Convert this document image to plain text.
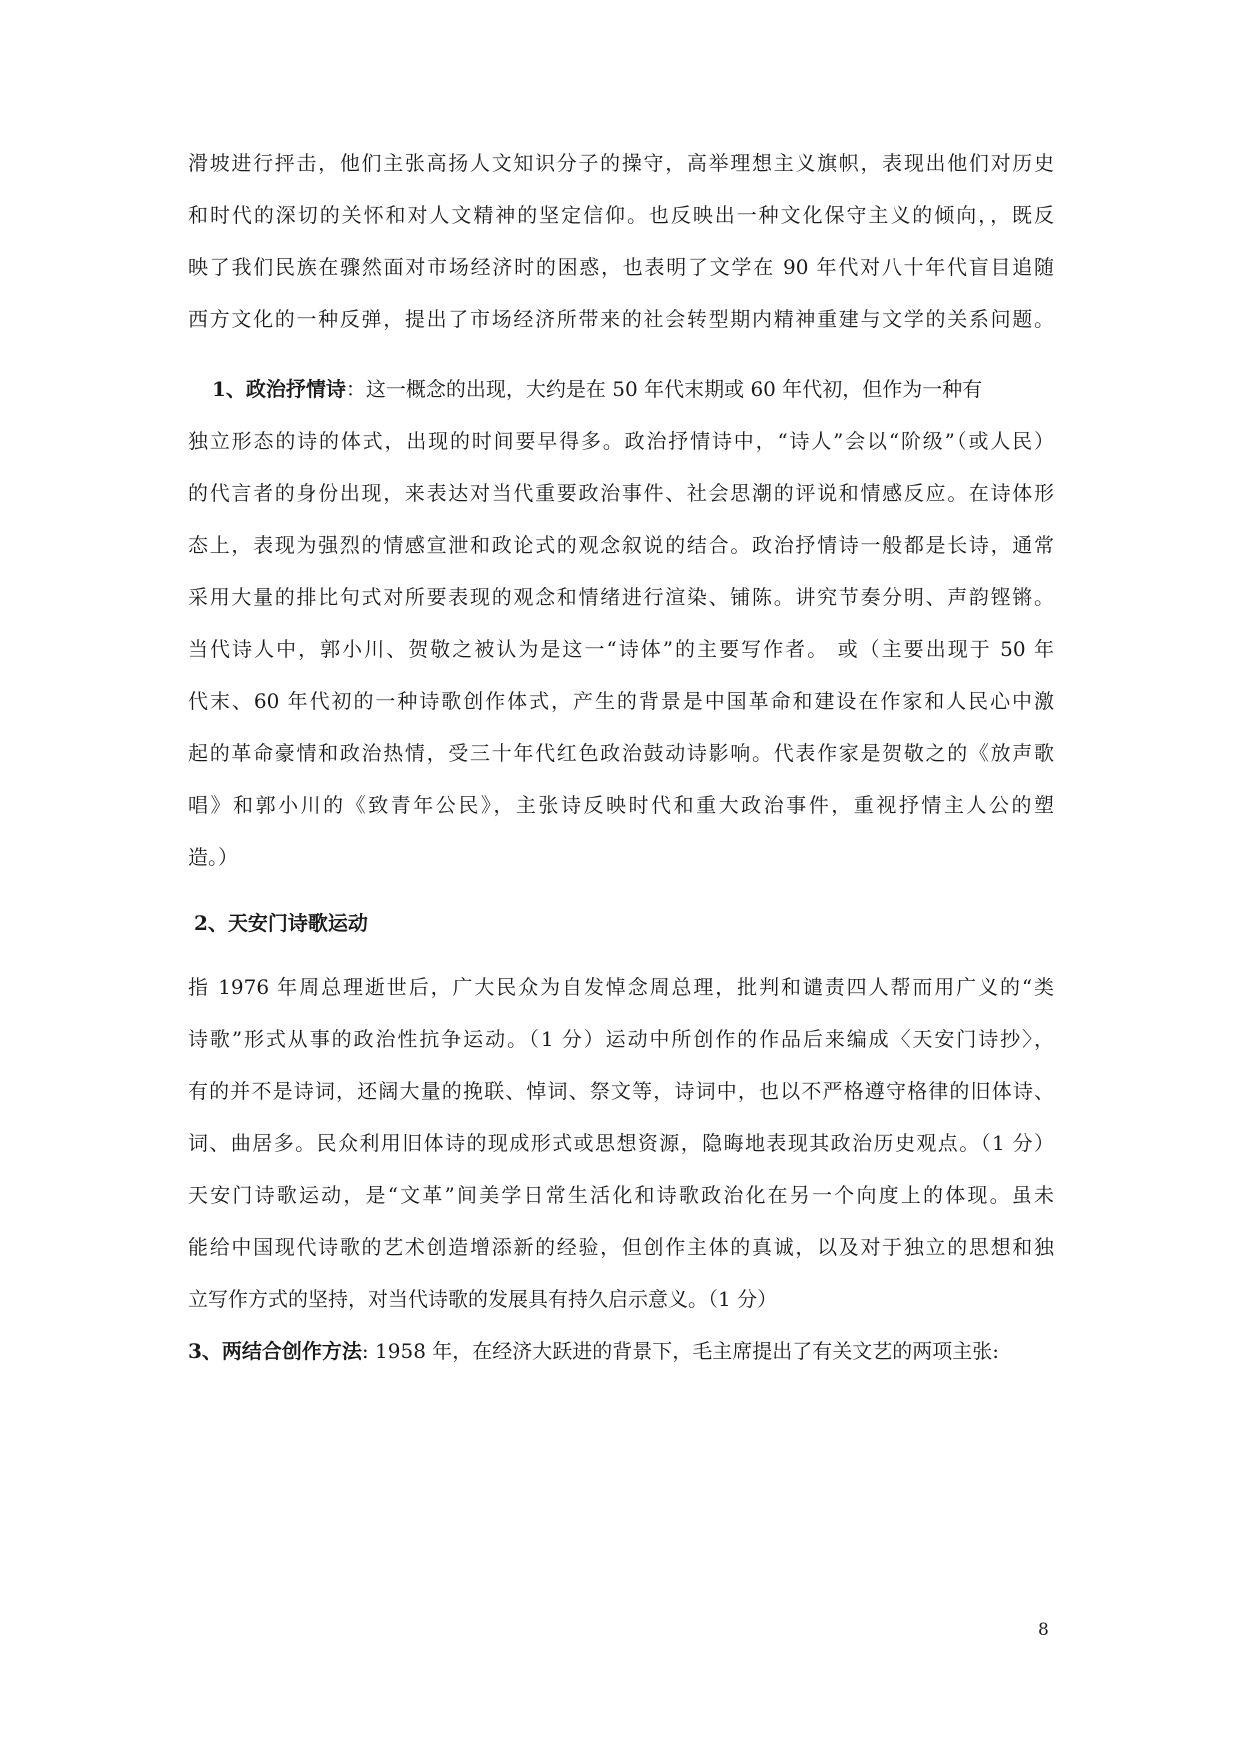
滑坡进行抨击，他们主张高扬人文知识分子的操守，高举理想主义旗帜，表现出他们对历史
和时代的深切的关怀和对人文精神的坚定信仰。也反映出一种文化保守主义的倾向，，既反
映了我们民族在骤然面对市场经济时的困惑，也表明了文学在 90 年代对八十年代盲目追随
西方文化的一种反弹，提出了市场经济所带来的社会转型期内精神重建与文学的关系问题。
1、政治抒情诗：这一概念的出现，大约是在 50 年代末期或 60 年代初，但作为一种有
独立形态的诗的体式，出现的时间要早得多。政治抒情诗中，“诗人”会以“阶级”（或人民）
的代言者的身份出现，来表达对当代重要政治事件、社会思潮的评说和情感反应。在诗体形
态上，表现为强烈的情感宣泄和政论式的观念叙说的结合。政治抒情诗一般都是长诗，通常
采用大量的排比句式对所要表现的观念和情绪进行渲染、铺陈。讲究节奏分明、声韵铿锵。
当代诗人中，郭小川、贺敬之被认为是这一“诗体”的主要写作者。 或（主要出现于 50 年
代末、60 年代初的一种诗歌创作体式，产生的背景是中国革命和建设在作家和人民心中激
起的革命豪情和政治热情，受三十年代红色政治鼓动诗影响。代表作家是贺敬之的《放声歌
唱》和郭小川的《致青年公民》，主张诗反映时代和重大政治事件，重视抒情主人公的塑
造。）
2、天安门诗歌运动
指 1976 年周总理逝世后，广大民众为自发悼念周总理，批判和谴责四人帮而用广义的“类
诗歌”形式从事的政治性抗争运动。（1 分）运动中所创作的作品后来编成〈天安门诗抄〉，
有的并不是诗词，还阔大量的挽联、悼词、祭文等，诗词中，也以不严格遵守格律的旧体诗、
词、曲居多。民众利用旧体诗的现成形式或思想资源，隐晦地表现其政治历史观点。（1 分）
天安门诗歌运动，是“文革”间美学日常生活化和诗歌政治化在另一个向度上的体现。虽未
能给中国现代诗歌的艺术创造增添新的经验，但创作主体的真诚，以及对于独立的思想和独
立写作方式的坚持，对当代诗歌的发展具有持久启示意义。（1 分）
3、两结合创作方法: 1958 年，在经济大跃进的背景下，毛主席提出了有关文艺的两项主张:
8
